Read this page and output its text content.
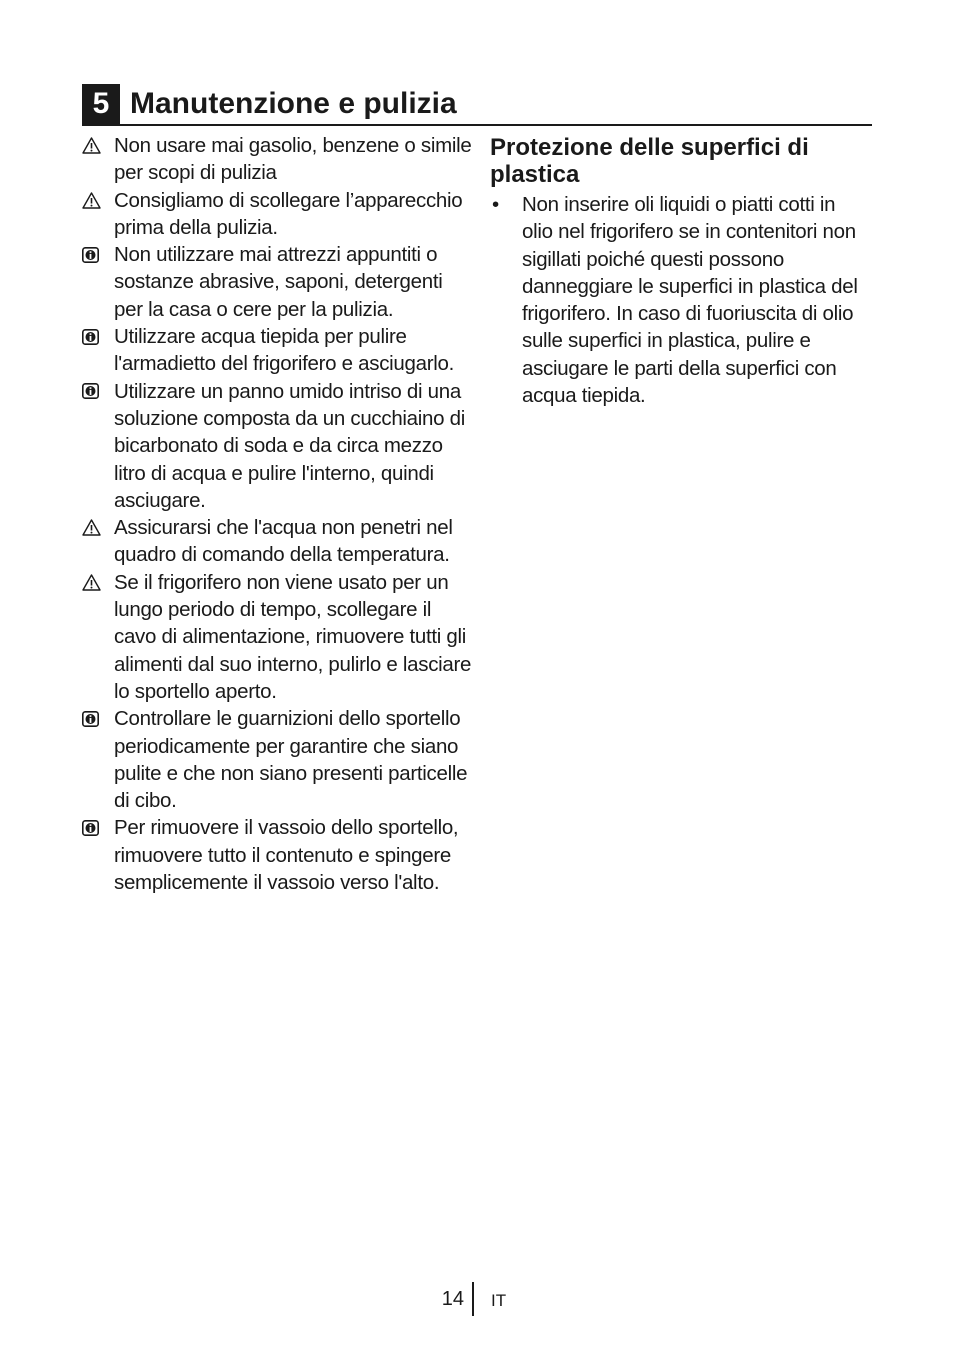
5 Manutenzione e pulizia
Non usare mai gasolio, benzene o simile per scopi di pulizia
Consigliamo di scollegare l’apparecchio prima della pulizia.
Non utilizzare mai attrezzi appuntiti o sostanze abrasive, saponi, detergenti per la casa o cere per la pulizia.
Utilizzare acqua tiepida per pulire l'armadietto del frigorifero e asciugarlo.
Utilizzare un panno umido intriso di una soluzione composta da un cucchiaino di bicarbonato di soda e da circa mezzo litro di acqua e pulire l'interno, quindi asciugare.
Assicurarsi che l'acqua non penetri nel quadro di comando della temperatura.
Se il frigorifero non viene usato per un lungo periodo di tempo, scollegare il cavo di alimentazione, rimuovere tutti gli alimenti dal suo interno, pulirlo e lasciare lo sportello aperto.
Controllare le guarnizioni dello sportello periodicamente per garantire che siano pulite e che non siano presenti particelle di cibo.
Per rimuovere il vassoio dello sportello, rimuovere tutto il contenuto e spingere semplicemente il vassoio verso l'alto.
Protezione delle superfici di plastica
•	Non inserire oli liquidi o piatti cotti in olio nel frigorifero se in contenitori non sigillati poiché questi possono danneggiare le superfici in plastica del frigorifero. In caso di fuoriuscita di olio sulle superfici in plastica, pulire e asciugare le parti della superfici con acqua tiepida.
14 IT
